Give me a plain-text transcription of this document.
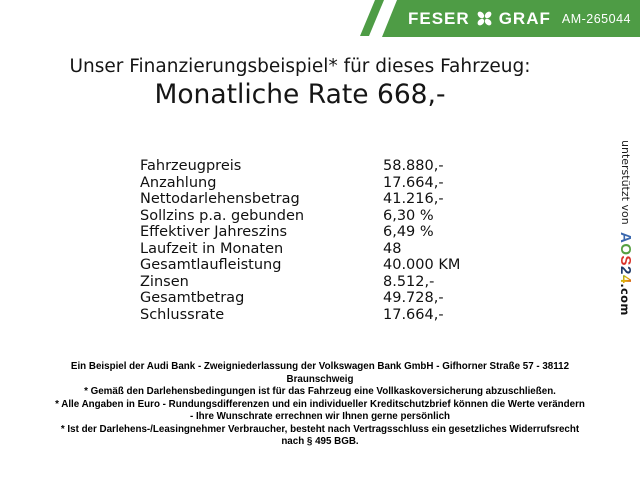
FESER GRAF AM-265044
Unser Finanzierungsbeispiel* für dieses Fahrzeug:
Monatliche Rate 668,-
Fahrzeugpreis	58.880,-
Anzahlung	17.664,-
Nettodarlehensbetrag	41.216,-
Sollzins p.a. gebunden	6,30 %
Effektiver Jahreszins	6,49 %
Laufzeit in Monaten	48
Gesamtlaufleistung	40.000 KM
Zinsen	8.512,-
Gesamtbetrag	49.728,-
Schlussrate	17.664,-
unterstützt vonAOS24.com
Ein Beispiel der Audi Bank - Zweigniederlassung der Volkswagen Bank GmbH - Gifhorner Straße 57 - 38112
Braunschweig
* Gemäß den Darlehensbedingungen ist für das Fahrzeug eine Vollkaskoversicherung abzuschließen.
* Alle Angaben in Euro - Rundungsdifferenzen und ein individueller Kreditschutzbrief können die Werte verändern
- Ihre Wunschrate errechnen wir Ihnen gerne persönlich
* Ist der Darlehens-/Leasingnehmer Verbraucher, besteht nach Vertragsschluss ein gesetzliches Widerrufsrecht
nach § 495 BGB.
